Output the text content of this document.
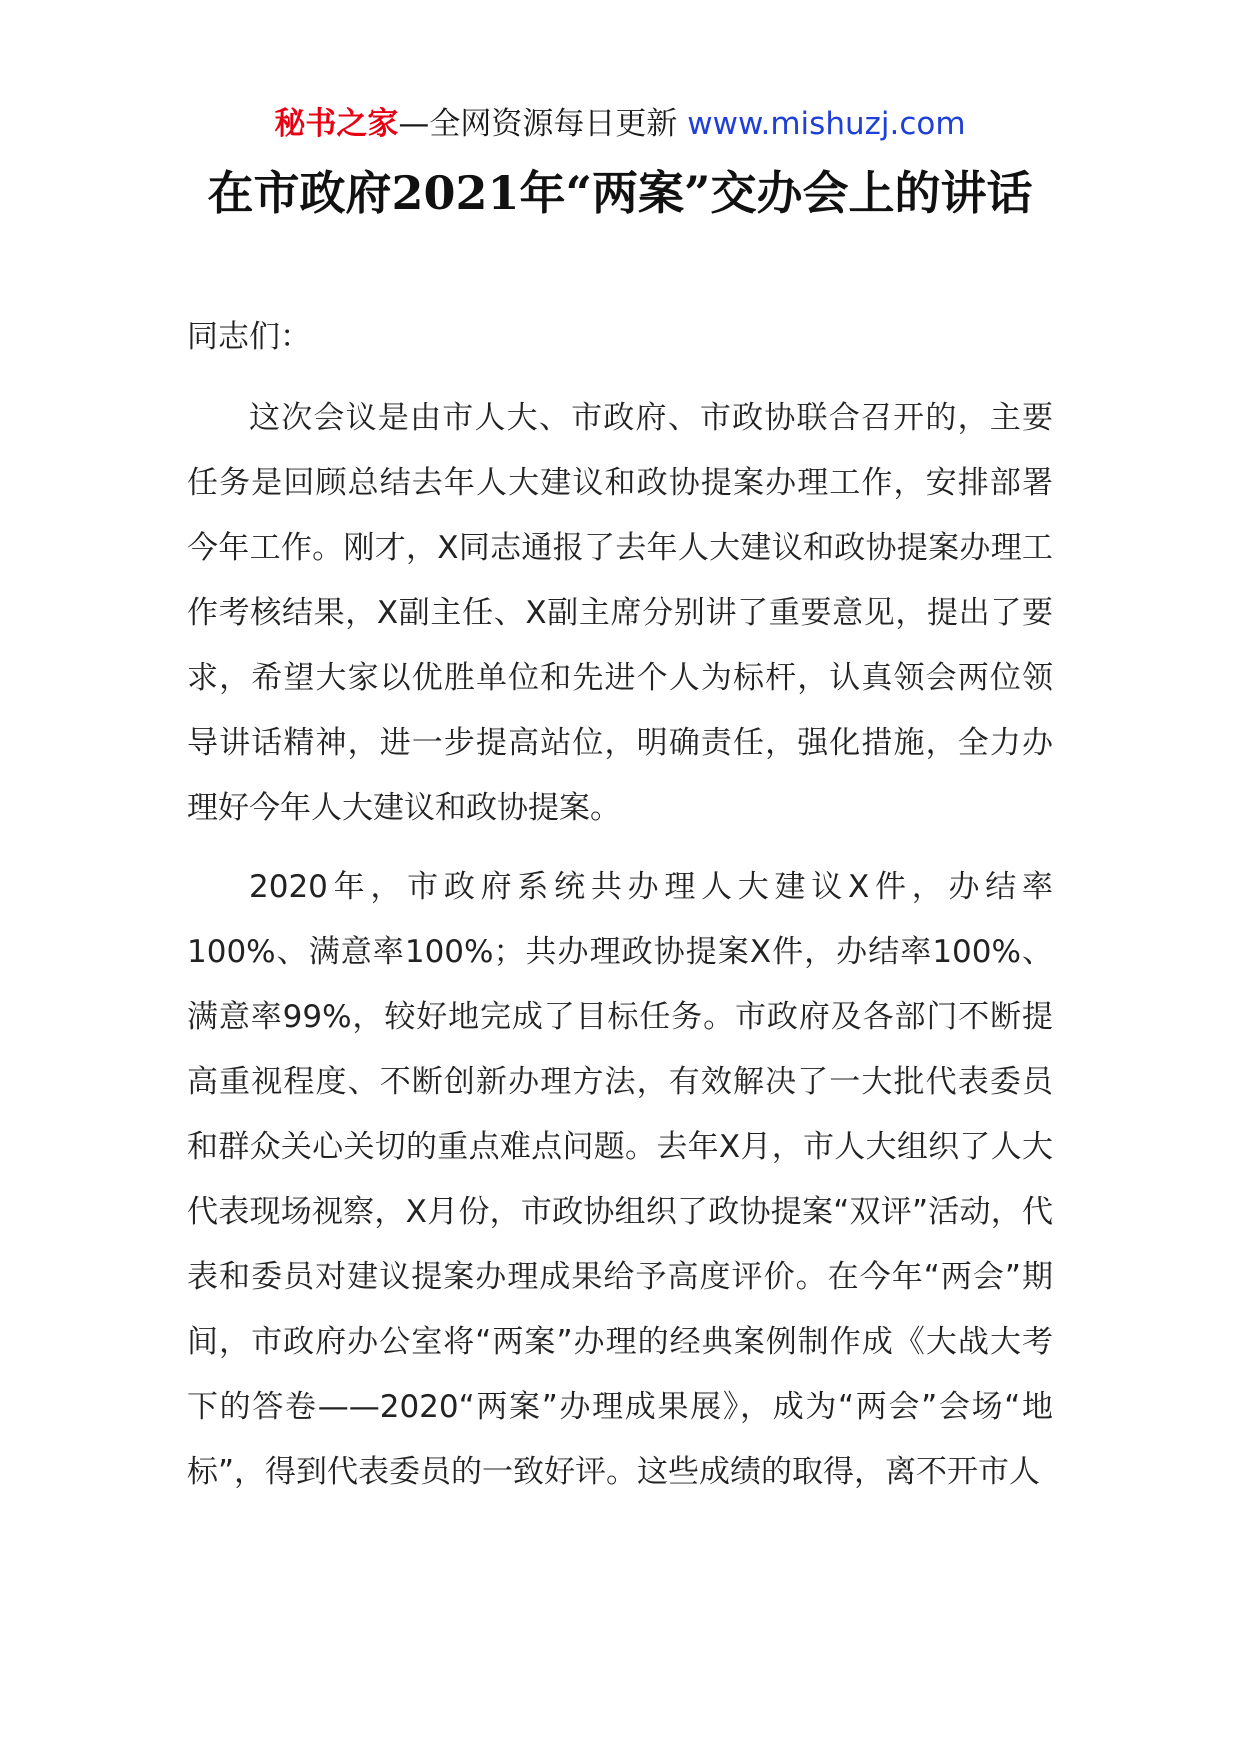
秘书之家—全网资源每日更新 www.mishuzj.com
在市政府2021年“两案”交办会上的讲话

同志们：

这次会议是由市人大、市政府、市政协联合召开的，主要任务是回顾总结去年人大建议和政协提案办理工作，安排部署今年工作。刚才，X同志通报了去年人大建议和政协提案办理工作考核结果，X副主任、X副主席分别讲了重要意见，提出了要求，希望大家以优胜单位和先进个人为标杆，认真领会两位领导讲话精神，进一步提高站位，明确责任，强化措施，全力办理好今年人大建议和政协提案。

2020年，市政府系统共办理人大建议X件，办结率100%、满意率100%；共办理政协提案X件，办结率100%、满意率99%，较好地完成了目标任务。市政府及各部门不断提高重视程度、不断创新办理方法，有效解决了一大批代表委员和群众关心关切的重点难点问题。去年X月，市人大组织了人大代表现场视察，X月份，市政协组织了政协提案“双评”活动，代表和委员对建议提案办理成果给予高度评价。在今年“两会”期间，市政府办公室将“两案”办理的经典案例制作成《大战大考下的答卷——2020“两案”办理成果展》，成为“两会”会场“地标”，得到代表委员的一致好评。这些成绩的取得，离不开市人
